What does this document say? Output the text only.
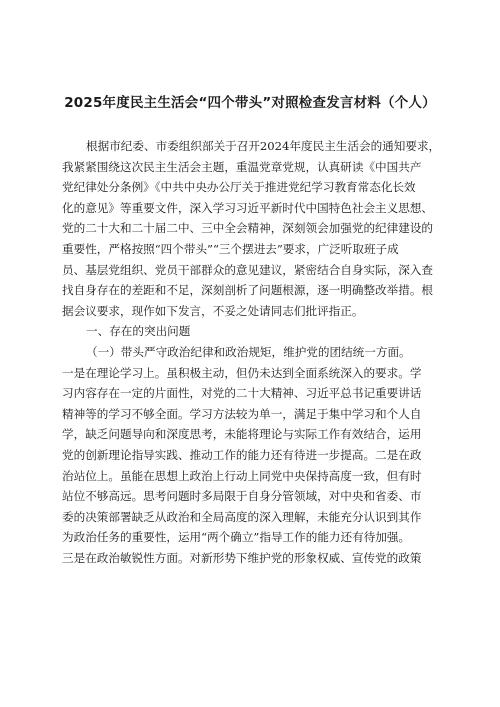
2025年度民主生活会“四个带头”对照检查发言材料（个人）
根据市纪委、市委组织部关于召开2024年度民主生活会的通知要求，
我紧紧围绕这次民主生活会主题，重温党章党规，认真研读《中国共产
党纪律处分条例》《中共中央办公厅关于推进党纪学习教育常态化长效
化的意见》等重要文件，深入学习习近平新时代中国特色社会主义思想、
党的二十大和二十届二中、三中全会精神，深刻领会加强党的纪律建设的
重要性，严格按照“四个带头”“三个摆进去”要求，广泛听取班子成
员、基层党组织、党员干部群众的意见建议，紧密结合自身实际，深入查
找自身存在的差距和不足，深刻剖析了问题根源，逐一明确整改举措。根
据会议要求，现作如下发言，不妥之处请同志们批评指正。
一、存在的突出问题
（一）带头严守政治纪律和政治规矩，维护党的团结统一方面。
一是在理论学习上。虽积极主动，但仍未达到全面系统深入的要求。学
习内容存在一定的片面性，对党的二十大精神、习近平总书记重要讲话
精神等的学习不够全面。学习方法较为单一，满足于集中学习和个人自
学，缺乏问题导向和深度思考，未能将理论与实际工作有效结合，运用
党的创新理论指导实践、推动工作的能力还有待进一步提高。二是在政
治站位上。虽能在思想上政治上行动上同党中央保持高度一致，但有时
站位不够高远。思考问题时多局限于自身分管领域，对中央和省委、市
委的决策部署缺乏从政治和全局高度的深入理解，未能充分认识到其作
为政治任务的重要性，运用“两个确立”指导工作的能力还有待加强。
三是在政治敏锐性方面。对新形势下维护党的形象权威、宣传党的政策
